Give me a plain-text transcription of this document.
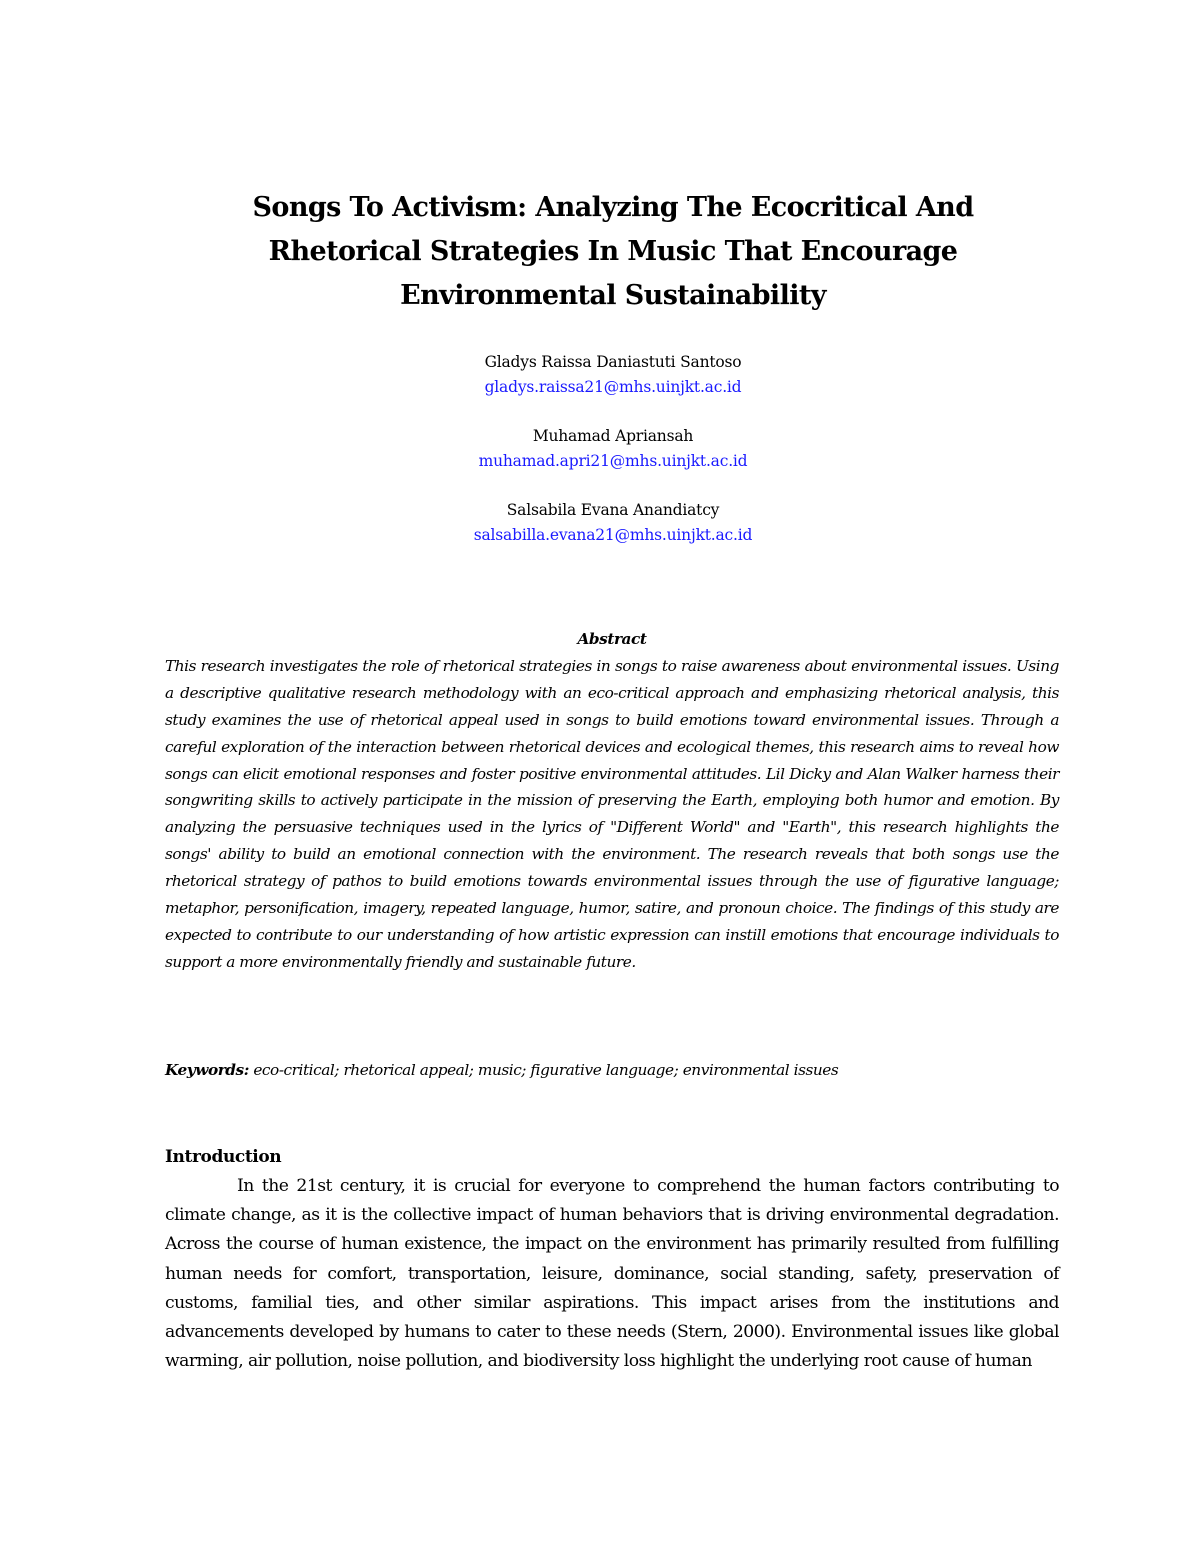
Songs To Activism: Analyzing The Ecocritical And
Rhetorical Strategies In Music That Encourage
Environmental Sustainability
Gladys Raissa Daniastuti Santoso
gladys.raissa21@mhs.uinjkt.ac.id
Muhamad Apriansah
muhamad.apri21@mhs.uinjkt.ac.id
Salsabila Evana Anandiatcy
salsabilla.evana21@mhs.uinjkt.ac.id

Abstract

This research investigates the role of rhetorical strategies in songs to raise awareness about environmental issues. Using a descriptive qualitative research methodology with an eco-critical approach and emphasizing rhetorical analysis, this study examines the use of rhetorical appeal used in songs to build emotions toward environmental issues. Through a careful exploration of the interaction between rhetorical devices and ecological themes, this research aims to reveal how songs can elicit emotional responses and foster positive environmental attitudes. Lil Dicky and Alan Walker harness their songwriting skills to actively participate in the mission of preserving the Earth, employing both humor and emotion. By analyzing the persuasive techniques used in the lyrics of "Different World" and "Earth", this research highlights the songs' ability to build an emotional connection with the environment. The research reveals that both songs use the rhetorical strategy of pathos to build emotions towards environmental issues through the use of figurative language; metaphor, personification, imagery, repeated language, humor, satire, and pronoun choice. The findings of this study are expected to contribute to our understanding of how artistic expression can instill emotions that encourage individuals to support a more environmentally friendly and sustainable future.

Keywords: eco-critical; rhetorical appeal; music; figurative language; environmental issues
Introduction

In the 21st century, it is crucial for everyone to comprehend the human factors contributing to climate change, as it is the collective impact of human behaviors that is driving environmental degradation. Across the course of human existence, the impact on the environment has primarily resulted from fulfilling human needs for comfort, transportation, leisure, dominance, social standing, safety, preservation of customs, familial ties, and other similar aspirations. This impact arises from the institutions and advancements developed by humans to cater to these needs (Stern, 2000). Environmental issues like global warming, air pollution, noise pollution, and biodiversity loss highlight the underlying root cause of human
